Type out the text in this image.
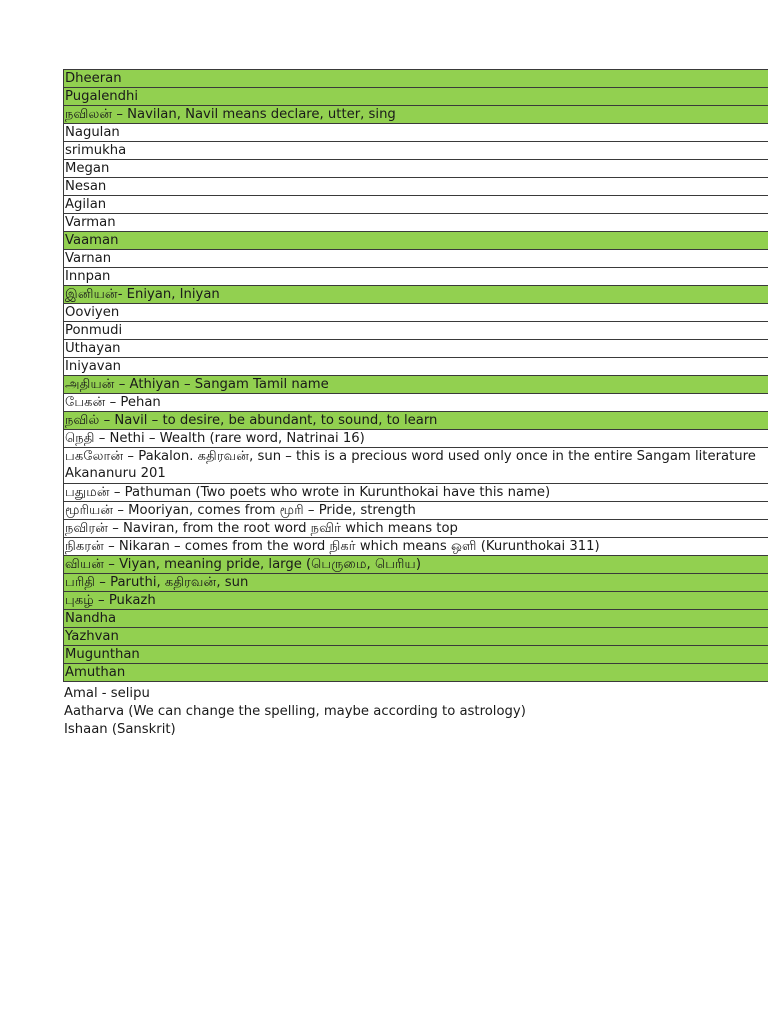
Dheeran
Pugalendhi
நவிலன் – Navilan, Navil means declare, utter, sing
Nagulan
srimukha
Megan
Nesan
Agilan
Varman
Vaaman
Varnan
Innpan
இனியன்- Eniyan, Iniyan
Ooviyen
Ponmudi
Uthayan
Iniyavan
அதியன் – Athiyan – Sangam Tamil name
பேகன் – Pehan
நவில் – Navil – to desire, be abundant, to sound, to learn
நெதி – Nethi – Wealth (rare word, Natrinai 16)

பகலோன் – Pakalon. கதிரவன், sun – this is a precious word used only once in the entire Sangam literature
Akananuru 201

பதுமன் – Pathuman (Two poets who wrote in Kurunthokai have this name)
மூரியன் – Mooriyan, comes from மூரி – Pride, strength
நவிரன் – Naviran, from the root word நவிர் which means top
நிகரன் – Nikaran – comes from the word நிகர் which means ஒளி (Kurunthokai 311)
வியன் – Viyan, meaning pride, large (பெருமை, பெரிய)
பரிதி – Paruthi, கதிரவன், sun
புகழ் – Pukazh
Nandha
Yazhvan
Mugunthan
Amuthan
Amal - selipu
Aatharva (We can change the spelling, maybe according to astrology)
Ishaan (Sanskrit)
